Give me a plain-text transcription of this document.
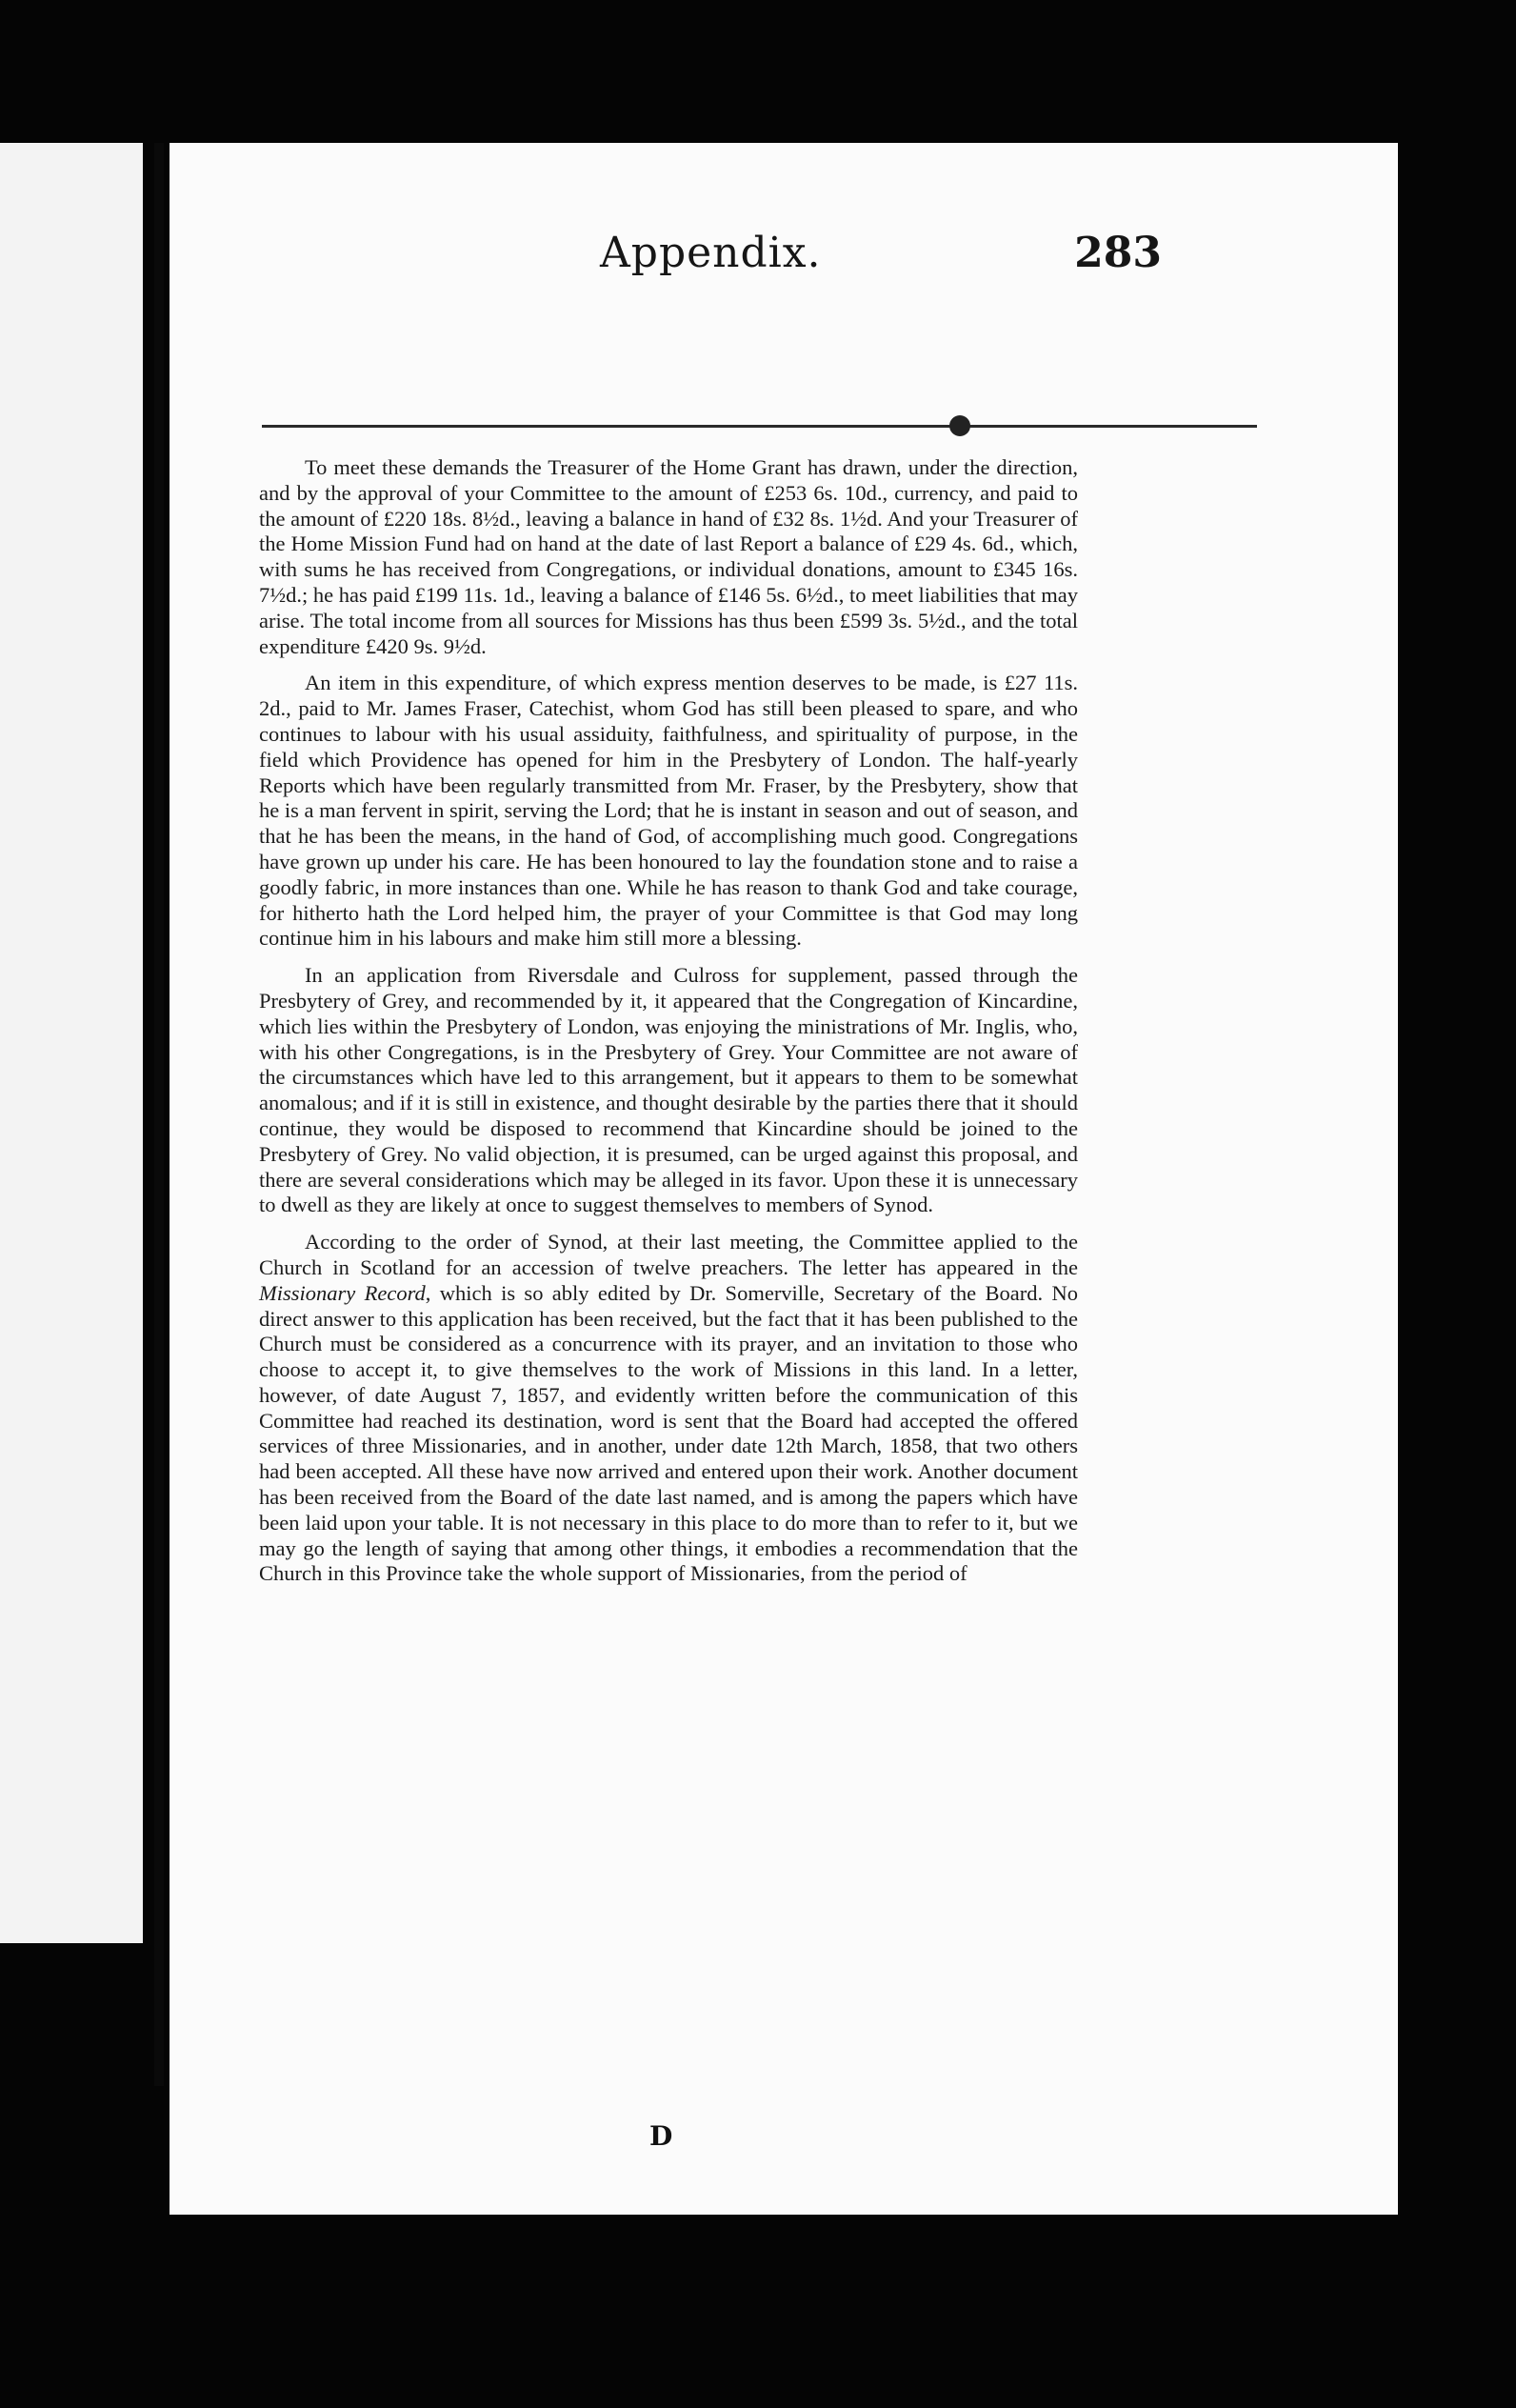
Appendix.	283

To meet these demands the Treasurer of the Home Grant has drawn, under the direction, and by the approval of your Committee to the amount of £253 6s. 10d., currency, and paid to the amount of £220 18s. 8½d., leaving a balance in hand of £32 8s. 1½d. And your Treasurer of the Home Mission Fund had on hand at the date of last Report a balance of £29 4s. 6d., which, with sums he has received from Congregations, or individual donations, amount to £345 16s. 7½d.; he has paid £199 11s. 1d., leaving a balance of £146 5s. 6½d., to meet liabilities that may arise. The total income from all sources for Missions has thus been £599 3s. 5½d., and the total expenditure £420 9s. 9½d.

An item in this expenditure, of which express mention deserves to be made, is £27 11s. 2d., paid to Mr. James Fraser, Catechist, whom God has still been pleased to spare, and who continues to labour with his usual assiduity, faithfulness, and spirituality of purpose, in the field which Providence has opened for him in the Presbytery of London. The half-yearly Reports which have been regularly transmitted from Mr. Fraser, by the Presbytery, show that he is a man fervent in spirit, serving the Lord; that he is instant in season and out of season, and that he has been the means, in the hand of God, of accomplishing much good. Congregations have grown up under his care. He has been honoured to lay the foundation stone and to raise a goodly fabric, in more instances than one. While he has reason to thank God and take courage, for hitherto hath the Lord helped him, the prayer of your Committee is that God may long continue him in his labours and make him still more a blessing.

In an application from Riversdale and Culross for supplement, passed through the Presbytery of Grey, and recommended by it, it appeared that the Congregation of Kincardine, which lies within the Presbytery of London, was enjoying the ministrations of Mr. Inglis, who, with his other Congregations, is in the Presbytery of Grey. Your Committee are not aware of the circumstances which have led to this arrangement, but it appears to them to be somewhat anomalous; and if it is still in existence, and thought desirable by the parties there that it should continue, they would be disposed to recommend that Kincardine should be joined to the Presbytery of Grey. No valid objection, it is presumed, can be urged against this proposal, and there are several considerations which may be alleged in its favor. Upon these it is unnecessary to dwell as they are likely at once to suggest themselves to members of Synod.

According to the order of Synod, at their last meeting, the Committee applied to the Church in Scotland for an accession of twelve preachers. The letter has appeared in the Missionary Record, which is so ably edited by Dr. Somerville, Secretary of the Board. No direct answer to this application has been received, but the fact that it has been published to the Church must be considered as a concurrence with its prayer, and an invitation to those who choose to accept it, to give themselves to the work of Missions in this land. In a letter, however, of date August 7, 1857, and evidently written before the communication of this Committee had reached its destination, word is sent that the Board had accepted the offered services of three Missionaries, and in another, under date 12th March, 1858, that two others had been accepted. All these have now arrived and entered upon their work. Another document has been received from the Board of the date last named, and is among the papers which have been laid upon your table. It is not necessary in this place to do more than to refer to it, but we may go the length of saying that among other things, it embodies a recommendation that the Church in this Province take the whole support of Missionaries, from the period of

D
